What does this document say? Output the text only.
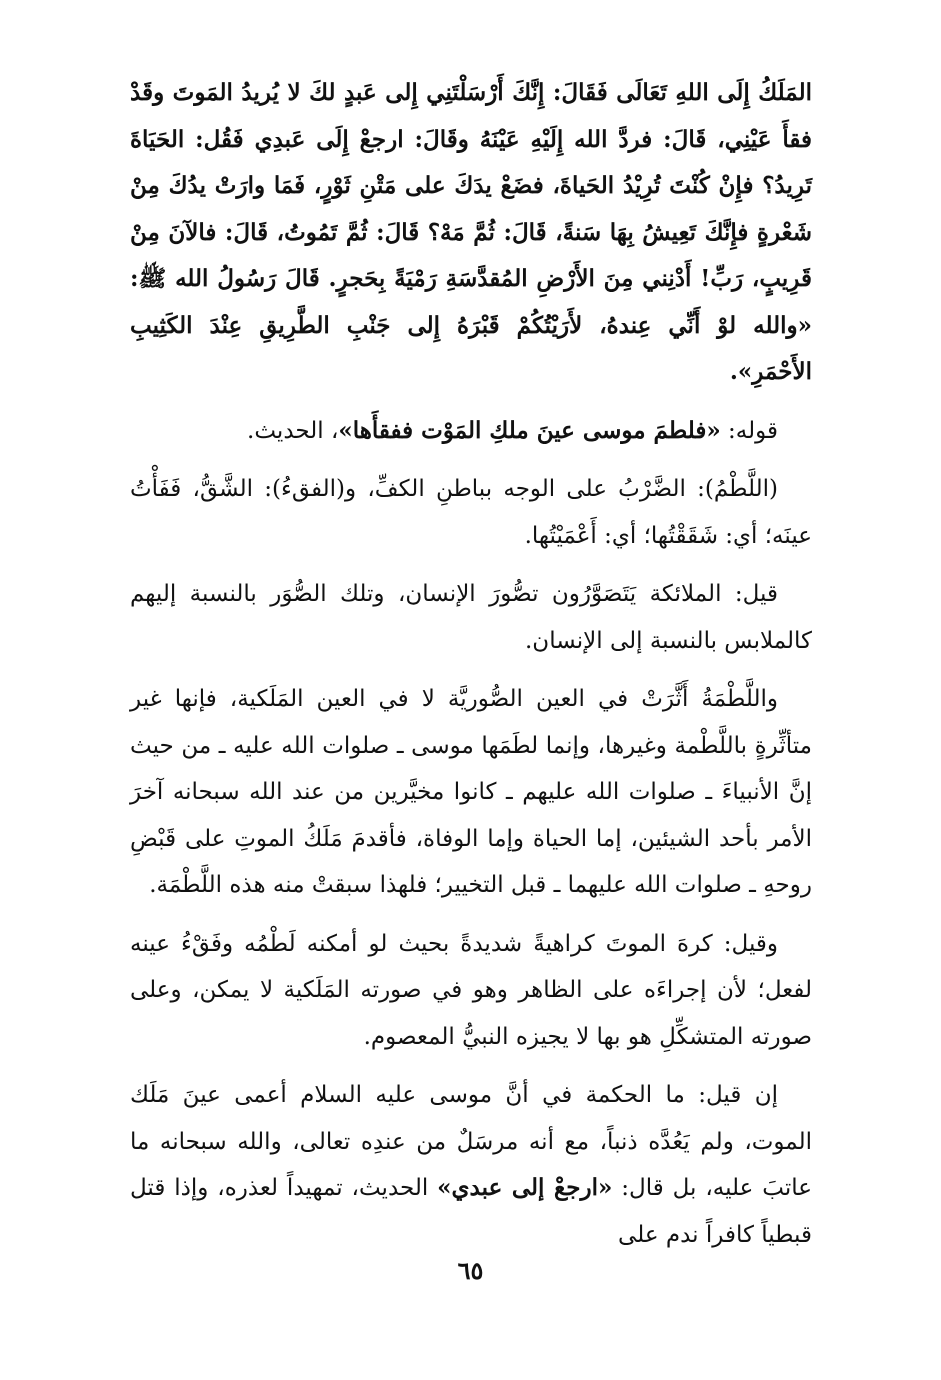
المَلَكُ إِلَى اللهِ تَعَالَى فَقَالَ: إِنَّكَ أَرْسَلْتَنِي إِلى عَبدٍ لكَ لا يُريدُ المَوتَ وقَدْ فقأَ عَيْنِي، قَالَ: فردَّ الله إِلَيْهِ عَيْنَهُ وقَالَ: ارجعْ إِلَى عَبدِي فَقُل: الحَيَاةَ تَرِيدُ؟ فإِنْ كُنْتَ تُرِيْدُ الحَياةَ، فضَعْ يدَكَ على مَتْنِ ثَوْرٍ، فَمَا وارَتْ يدُكَ مِنْ شَعْرةٍ فإِنَّكَ تَعِيشُ بِهَا سَنةً، قَالَ: ثُمَّ مَهْ؟ قَالَ: ثُمَّ تَمُوتُ، قَالَ: فالآنَ مِنْ قَرِيبٍ، رَبِّ! أَدْنِني مِنَ الأَرْضِ المُقدَّسَةِ رَمْيَةً بِحَجرٍ. قَالَ رَسُولُ الله ﷺ: «والله لوْ أَنِّي عِندهُ، لأَرَيْتُكُمْ قَبْرَهُ إِلى جَنْبِ الطَّرِيقِ عِنْدَ الكَثِيبِ الأَحْمَرِ».

قوله: «فلطمَ موسى عينَ ملكِ المَوْت ففقأَها»، الحديث.

(اللَّطْمُ): الضَّرْبُ على الوجه بباطنِ الكفِّ، و(الفقءُ): الشَّقُّ، فَفَأْتُ عينَه؛ أي: شَقَقْتُها؛ أي: أَعْمَيْتُها.

قيل: الملائكة يَتَصَوَّرُون تصُّورَ الإنسان، وتلك الصُّوَر بالنسبة إليهم كالملابس بالنسبة إلى الإنسان.

واللَّطْمَةُ أَثَّرَتْ في العين الصُّوريَّة لا في العين المَلَكية، فإنها غير متأثِّرةٍ باللَّطْمة وغيرها، وإنما لطَمَها موسى ـ صلوات الله عليه ـ من حيث إنَّ الأنبياءَ ـ صلوات الله عليهم ـ كانوا مخيَّرين من عند الله سبحانه آخرَ الأمر بأحد الشيئين، إما الحياة وإما الوفاة، فأقدمَ مَلَكُ الموتِ على قَبْضِ روحهِ ـ صلوات الله عليهما ـ قبل التخيير؛ فلهذا سبقتْ منه هذه اللَّطْمَة.

وقيل: كرهَ الموتَ كراهيةً شديدةً بحيث لو أمكنه لَطْمُه وفَقْءُ عينه لفعل؛ لأن إجراءَه على الظاهر وهو في صورته المَلَكية لا يمكن، وعلى صورته المتشكِّلِ هو بها لا يجيزه النبيُّ المعصوم.

إن قيل: ما الحكمة في أنَّ موسى عليه السلام أعمى عينَ مَلَك الموت، ولم يَعُدَّه ذنباً، مع أنه مرسَلٌ من عندِه تعالى، والله سبحانه ما عاتبَ عليه، بل قال: «ارجعْ إلى عبدي» الحديث، تمهيداً لعذره، وإذا قتل قبطياً كافراً ندم على

٦٥
